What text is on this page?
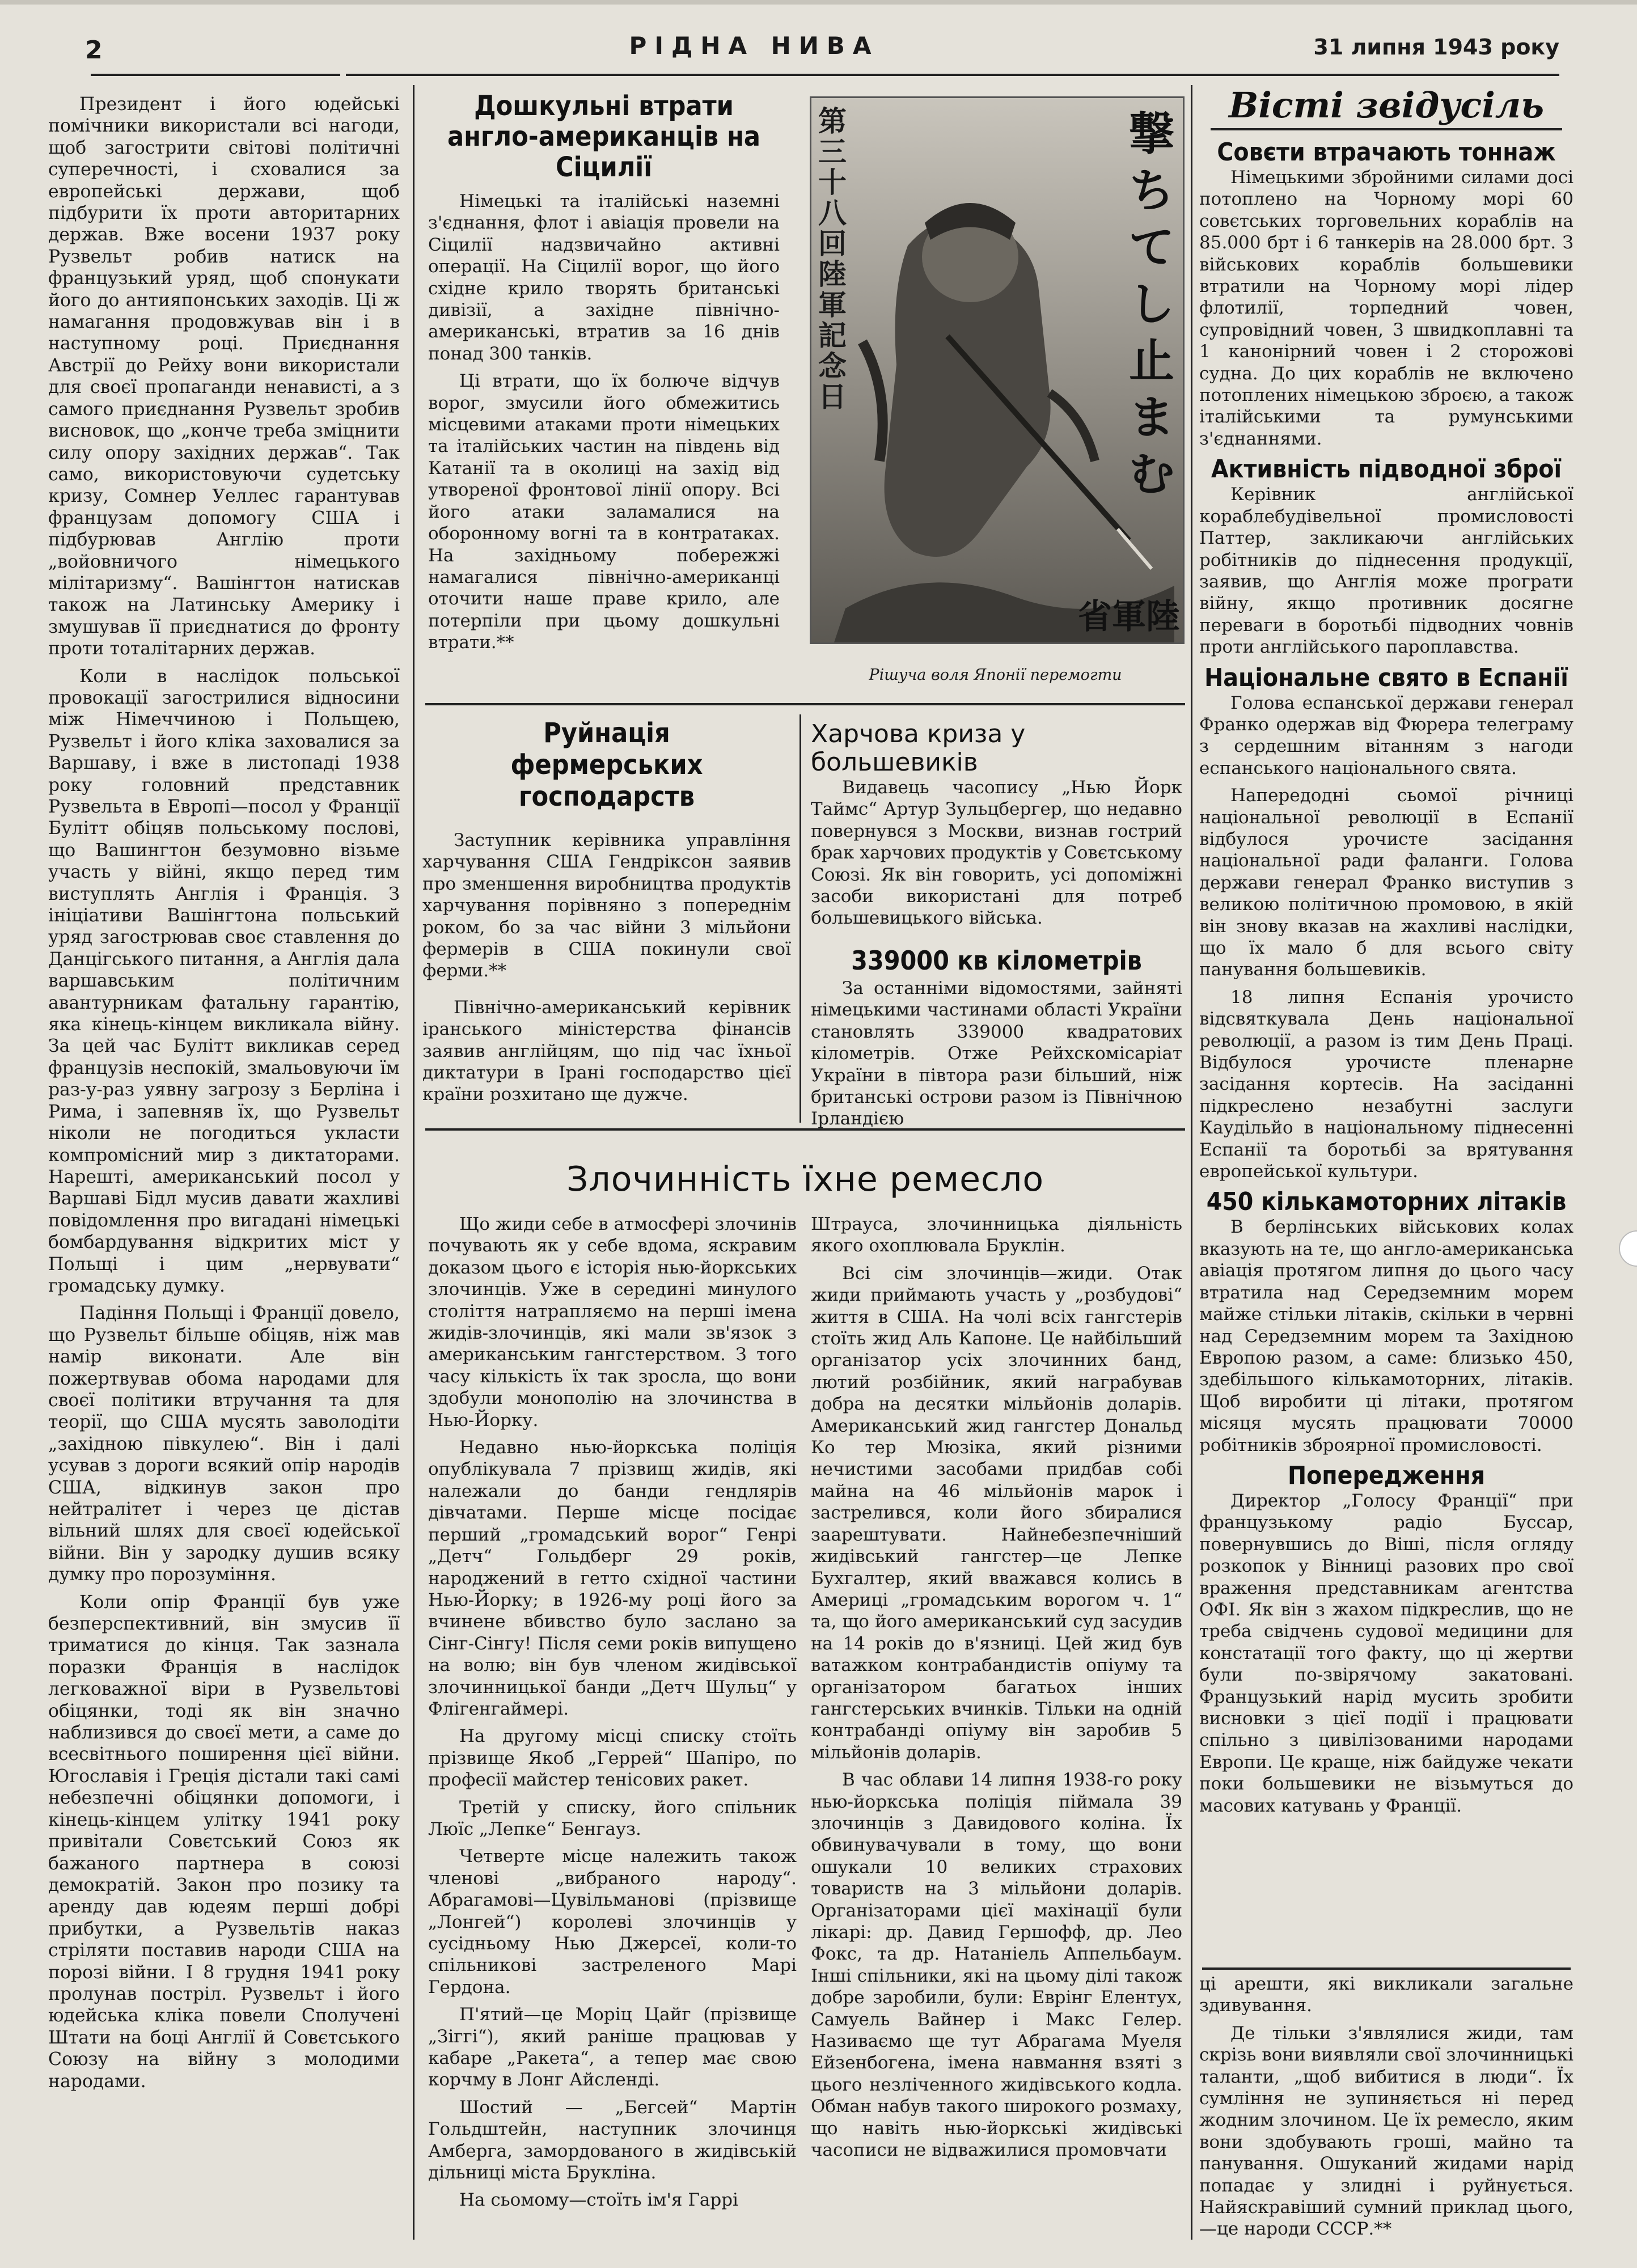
2	РІДНА НИВА	31 липня 1943 року

Президент і його юдейські помічники використали всі нагоди, щоб загострити світові політичні суперечності, і сховалися за европейські держави, щоб підбурити їх проти авторитарних держав. Вже восени 1937 року Рузвельт робив натиск на французький уряд, щоб спонукати його до антияпонських заходів. Ці ж намагання продовжував він і в наступному році. Приєднання Австрії до Рейху вони використали для своєї пропаганди ненависті, а з самого приєднання Рузвельт зробив висновок, що „конче треба зміцнити силу опору західних держав“. Так само, використовуючи судетську кризу, Сомнер Уеллес гарантував французам допомогу США і підбурював Англію проти „войовничого німецького мілітаризму“. Вашінгтон натискав також на Латинську Америку і змушував її приєднатися до фронту проти тоталітарних держав.

Коли в наслідок польської провокації загострилися відносини між Німеччиною і Польщею, Рузвельт і його кліка заховалися за Варшаву, і вже в листопаді 1938 року головний представник Рузвельта в Европі—посол у Франції Булітт обіцяв польському послові, що Вашингтон безумовно візьме участь у війні, якщо перед тим виступлять Англія і Франція. З ініціативи Вашінгтона польський уряд загострював своє ставлення до Данцігського питання, а Англія дала варшавським політичним авантурникам фатальну гарантію, яка кінець-кінцем викликала війну. За цей час Булітт викликав серед французів неспокій, змальовуючи їм раз-у-раз уявну загрозу з Берліна і Рима, і запевняв їх, що Рузвельт ніколи не погодиться укласти компромісний мир з диктаторами. Нарешті, американський посол у Варшаві Бідл мусив давати жахливі повідомлення про вигадані німецькі бомбардування відкритих міст у Польщі і цим „нервувати“ громадську думку.

Падіння Польщі і Франції довело, що Рузвельт більше обіцяв, ніж мав намір виконати. Але він пожертвував обома народами для своєї політики втручання та для теорії, що США мусять заволодіти „західною півкулею“. Він і далі усував з дороги всякий опір народів США, відкинув закон про нейтралітет і через це дістав вільний шлях для своєї юдейської війни. Він у зародку душив всяку думку про порозуміння.

Коли опір Франції був уже безперспективний, він змусив її триматися до кінця. Так зазнала поразки Франція в наслідок легковажної віри в Рузвельтові обіцянки, тоді як він значно наблизився до своєї мети, а саме до всесвітнього поширення цієї війни. Югославія і Греція дістали такі самі небезпечні обіцянки допомоги, і кінець-кінцем улітку 1941 року привітали Совєтський Союз як бажаного партнера в союзі демократій. Закон про позику та аренду дав юдеям перші добрі прибутки, а Рузвельтів наказ стріляти поставив народи США на порозі війни. І 8 грудня 1941 року пролунав постріл. Рузвельт і його юдейська кліка повели Сполучені Штати на боці Англії й Совєтського Союзу на війну з молодими народами.

Дошкульні втрати англо-американців на Сіцилії

Німецькі та італійські наземні з'єднання, флот і авіація провели на Сіцилії надзвичайно активні операції. На Сіцилії ворог, що його східне крило творять британські дивізії, а західне північно-американські, втратив за 16 днів понад 300 танків.

Ці втрати, що їх болюче відчув ворог, змусили його обмежитись місцевими атаками проти німецьких та італійських частин на південь від Катанії та в околиці на захід від утвореної фронтової лінії опору. Всі його атаки заламалися на оборонному вогні та в контратаках. На західньому побережжі намагалися північно-американці оточити наше праве крило, але потерпіли при цьому дошкульні втрати.**

第三十八回陸軍記念日
撃ちてし止まむ
省軍陸
Рішуча воля Японії перемогти
Руйнація фермерських господарств

Заступник керівника управління харчування США Гендріксон заявив про зменшення виробництва продуктів харчування порівняно з попереднім роком, бо за час війни 3 мільйони фермерів в США покинули свої ферми.**

Північно-американський керівник іранського міністерства фінансів заявив англійцям, що під час їхньої диктатури в Ірані господарство цієї країни розхитано ще дужче.

Харчова криза у большевиків

Видавець часопису „Нью Йорк Таймс“ Артур Зульцбергер, що недавно повернувся з Москви, визнав гострий брак харчових продуктів у Совєтському Союзі. Як він говорить, усі допоміжні засоби використані для потреб большевицького війська.

339000 кв кілометрів

За останніми відомостями, зайняті німецькими частинами області України становлять 339000 квадратових кілометрів. Отже Рейхскомісаріат України в півтора рази більший, ніж британські острови разом із Північною Ірландією

Злочинність їхне ремесло

Що жиди себе в атмосфері злочинів почувають як у себе вдома, яскравим доказом цього є історія нью-йоркських злочинців. Уже в середині минулого століття натрапляємо на перші імена жидів-злочинців, які мали зв'язок з американським гангстерством. З того часу кількість їх так зросла, що вони здобули монополію на злочинства в Нью-Йорку.

Недавно нью-йоркська поліція опублікувала 7 прізвищ жидів, які належали до банди гендлярів дівчатами. Перше місце посідає перший „громадський ворог“ Генрі „Детч“ Гольдберг 29 років, народжений в гетто східної частини Нью-Йорку; в 1926-му році його за вчинене вбивство було заслано за Сінг-Сінгу! Після семи років випущено на волю; він був членом жидівської злочинницької банди „Детч Шульц“ у Флігенгаймері.

На другому місці списку стоїть прізвище Якоб „Геррей“ Шапіро, по професії майстер тенісових ракет.

Третій у списку, його спільник Люїс „Лепке“ Бенгауз.

Четверте місце належить також членові „вибраного народу“. Абрагамові—Цувільманові (прізвище „Лонгей“) королеві злочинців у сусідньому Нью Джерсеї, коли-то спільникові застреленого Марі Гердона.

П'ятий—це Моріц Цайг (прізвище „Зіггі“), який раніше працював у кабаре „Ракета“, а тепер має свою корчму в Лонг Айсленді.

Шостий — „Бегсей“ Мартін Гольдштейн, наступник злочинця Амберга, замордованого в жидівській дільниці міста Брукліна.

На сьомому—стоїть ім'я Гаррі

Штрауса, злочинницька діяльність якого охоплювала Бруклін.

Всі сім злочинців—жиди. Отак жиди приймають участь у „розбудові“ життя в США. На чолі всіх гангстерів стоїть жид Аль Капоне. Це найбільший організатор усіх злочинних банд, лютий розбійник, який награбував добра на десятки мільйонів доларів. Американський жид гангстер Дональд Ко тер Мюзіка, який різними нечистими засобами придбав собі майна на 46 мільйонів марок і застрелився, коли його збиралися заарештувати. Найнебезпечніший жидівський гангстер—це Лепке Бухгалтер, який вважався колись в Америці „громадським ворогом ч. 1“ та, що його американський суд засудив на 14 років до в'язниці. Цей жид був ватажком контрабандистів опіуму та організатором багатьох інших гангстерських вчинків. Тільки на одній контрабанді опіуму він заробив 5 мільйонів доларів.

В час облави 14 липня 1938-го року нью-йоркська поліція піймала 39 злочинців з Давидового коліна. Їх обвинувачували в тому, що вони ошукали 10 великих страхових товариств на 3 мільйони доларів. Організаторами цієї махінації були лікарі: др. Давид Гершофф, др. Лео Фокс, та др. Натаніель Аппельбаум. Інші спільники, які на цьому ділі також добре заробили, були: Еврінг Елентух, Самуель Вайнер і Макс Гелер. Називаємо ще тут Абрагама Муеля Ейзенбогена, імена навмання взяті з цього незліченного жидівського кодла. Обман набув такого широкого розмаху, що навіть нью-йоркські жидівські часописи не відважилися промовчати

Вісті звідусіль
Совєти втрачають тоннаж

Німецькими збройними силами досі потоплено на Чорному морі 60 совєтських торговельних кораблів на 85.000 брт і 6 танкерів на 28.000 брт. З військових кораблів большевики втратили на Чорному морі лідер флотилії, торпедний човен, супровідний човен, 3 швидкоплавні та 1 канонірний човен і 2 сторожові судна. До цих кораблів не включено потоплених німецькою зброєю, а також італійськими та румунськими з'єднаннями.

Активність підводної зброї

Керівник англійської кораблебудівельної промисловості Паттер, закликаючи англійських робітників до піднесення продукції, заявив, що Англія може програти війну, якщо противник досягне переваги в боротьбі підводних човнів проти англійського пароплавства.

Національне свято в Еспанії

Голова еспанської держави генерал Франко одержав від Фюрера телеграму з сердешним вітанням з нагоди еспанського національного свята.

Напередодні сьомої річниці національної революції в Еспанії відбулося урочисте засідання національної ради фаланги. Голова держави генерал Франко виступив з великою політичною промовою, в якій він знову вказав на жахливі наслідки, що їх мало б для всього світу панування большевиків.

18 липня Еспанія урочисто відсвяткувала День національної революції, а разом із тим День Праці. Відбулося урочисте пленарне засідання кортесів. На засіданні підкреслено незабутні заслуги Каудільйо в національному піднесенні Еспанії та боротьбі за врятування европейської культури.

450 кількамоторних літаків

В берлінських військових колах вказують на те, що англо-американська авіація протягом липня до цього часу втратила над Середземним морем майже стільки літаків, скільки в червні над Середземним морем та Західною Европою разом, а саме: близько 450, здебільшого кількамоторних, літаків. Щоб виробити ці літаки, протягом місяця мусять працювати 70000 робітників зброярної промисловості.

Попередження

Директор „Голосу Франції“ при французькому радіо Буссар, повернувшись до Віші, після огляду розкопок у Вінниці разових про свої враження представникам агентства ОФІ. Як він з жахом підкреслив, що не треба свідчень судової медицини для констатації того факту, що ці жертви були по-звірячому закатовані. Французький нарід мусить зробити висновки з цієї події і працювати спільно з цивілізованими народами Европи. Це краще, ніж байдуже чекати поки большевики не візьмуться до масових катувань у Франції.

ці арешти, які викликали загальне здивування.

Де тільки з'являлися жиди, там скрізь вони виявляли свої злочинницькі таланти, „щоб вибитися в люди“. Їх сумління не зупиняється ні перед жодним злочином. Це їх ремесло, яким вони здобувають гроші, майно та панування. Ошуканий жидами нарід попадає у злидні і руйнується. Найяскравіший сумний приклад цього,—це народи СССР.**
